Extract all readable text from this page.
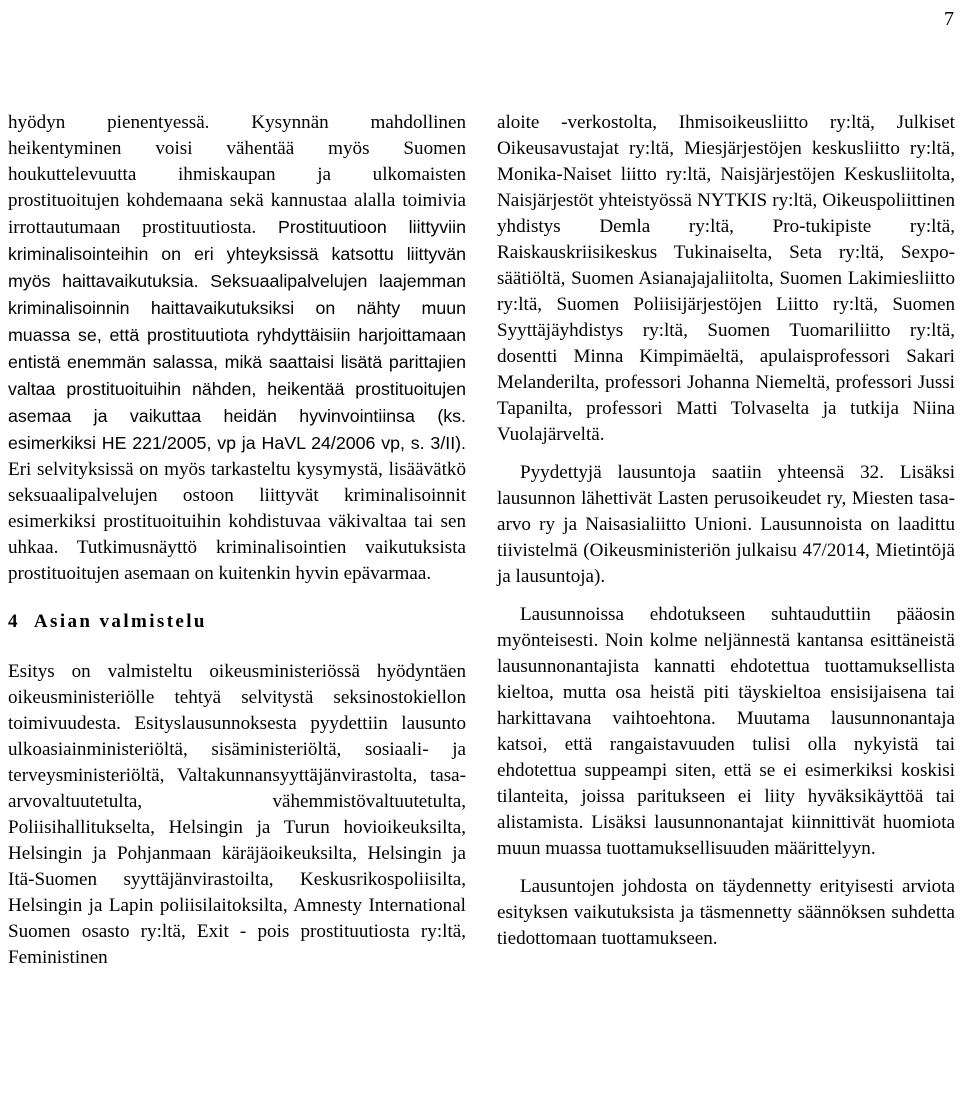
7

hyödyn pienentyessä. Kysynnän mahdollinen heikentyminen voisi vähentää myös Suomen houkuttelevuutta ihmiskaupan ja ulkomaisten prostituoitujen kohdemaana sekä kannustaa alalla toimivia irrottautumaan prostituutiosta. Prostituutioon liittyviin kriminalisointeihin on eri yhteyksissä katsottu liittyvän myös haittavaikutuksia. Seksuaalipalvelujen laajemman kriminalisoinnin haittavaikutuksiksi on nähty muun muassa se, että prostituutiota ryhdyttäisiin harjoittamaan entistä enemmän salassa, mikä saattaisi lisätä parittajien valtaa prostituoituihin nähden, heikentää prostituoitujen asemaa ja vaikuttaa heidän hyvinvointiinsa (ks. esimerkiksi HE 221/2005, vp ja HaVL 24/2006 vp, s. 3/II). Eri selvityksissä on myös tarkasteltu kysymystä, lisäävätkö seksuaalipalvelujen ostoon liittyvät kriminalisoinnit esimerkiksi prostituoituihin kohdistuvaa väkivaltaa tai sen uhkaa. Tutkimusnäyttö kriminalisointien vaikutuksista prostituoitujen asemaan on kuitenkin hyvin epävarmaa.

4 Asian valmistelu

Esitys on valmisteltu oikeusministeriössä hyödyntäen oikeusministeriölle tehtyä selvitystä seksinostokiellon toimivuudesta. Esityslausunnoksesta pyydettiin lausunto ulkoasiainministeriöltä, sisäministeriöltä, sosiaali- ja terveysministeriöltä, Valtakunnansyyttäjänvirastolta, tasa-arvovaltuutetulta, vähemmistövaltuutetulta, Poliisihallitukselta, Helsingin ja Turun hovioikeuksilta, Helsingin ja Pohjanmaan käräjäoikeuksilta, Helsingin ja Itä-Suomen syyttäjänvirastoilta, Keskusrikospoliisilta, Helsingin ja Lapin poliisilaitoksilta, Amnesty International Suomen osasto ry:ltä, Exit - pois prostituutiosta ry:ltä, Feministinen

aloite -verkostolta, Ihmisoikeusliitto ry:ltä, Julkiset Oikeusavustajat ry:ltä, Miesjärjestöjen keskusliitto ry:ltä, Monika-Naiset liitto ry:ltä, Naisjärjestöjen Keskusliitolta, Naisjärjestöt yhteistyössä NYTKIS ry:ltä, Oikeuspoliittinen yhdistys Demla ry:ltä, Pro-tukipiste ry:ltä, Raiskauskriisikeskus Tukinaiselta, Seta ry:ltä, Sexpo-säätiöltä, Suomen Asianajajaliitolta, Suomen Lakimiesliitto ry:ltä, Suomen Poliisijärjestöjen Liitto ry:ltä, Suomen Syyttäjäyhdistys ry:ltä, Suomen Tuomariliitto ry:ltä, dosentti Minna Kimpimäeltä, apulaisprofessori Sakari Melanderilta, professori Johanna Niemeltä, professori Jussi Tapanilta, professori Matti Tolvaselta ja tutkija Niina Vuolajärveltä.

Pyydettyjä lausuntoja saatiin yhteensä 32. Lisäksi lausunnon lähettivät Lasten perusoikeudet ry, Miesten tasa-arvo ry ja Naisasialiitto Unioni. Lausunnoista on laadittu tiivistelmä (Oikeusministeriön julkaisu 47/2014, Mietintöjä ja lausuntoja).

Lausunnoissa ehdotukseen suhtauduttiin pääosin myönteisesti. Noin kolme neljännestä kantansa esittäneistä lausunnonantajista kannatti ehdotettua tuottamuksellista kieltoa, mutta osa heistä piti täyskieltoa ensisijaisena tai harkittavana vaihtoehtona. Muutama lausunnonantaja katsoi, että rangaistavuuden tulisi olla nykyistä tai ehdotettua suppeampi siten, että se ei esimerkiksi koskisi tilanteita, joissa paritukseen ei liity hyväksikäyttöä tai alistamista. Lisäksi lausunnonantajat kiinnittivät huomiota muun muassa tuottamuksellisuuden määrittelyyn.

Lausuntojen johdosta on täydennetty erityisesti arviota esityksen vaikutuksista ja täsmennetty säännöksen suhdetta tiedottomaan tuottamukseen.
